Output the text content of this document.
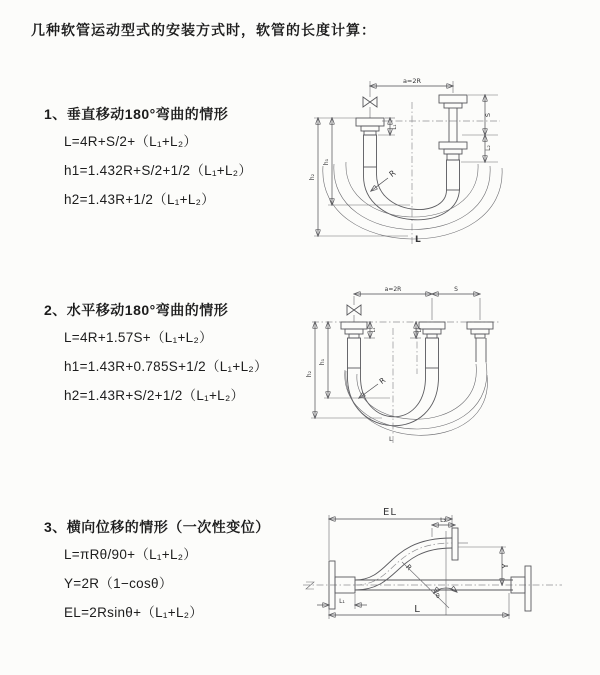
几种软管运动型式的安装方式时，软管的长度计算：
1、垂直移动180°弯曲的情形
L=4R+S/2+（L₁+L₂）
h1=1.432R+S/2+1/2（L₁+L₂）
h2=1.43R+1/2（L₁+L₂）
2、水平移动180°弯曲的情形
L=4R+1.57S+（L₁+L₂）
h1=1.43R+0.785S+1/2（L₁+L₂）
h2=1.43R+S/2+1/2（L₁+L₂）
3、横向位移的情形（一次性变位）
L=πRθ/90+（L₁+L₂）
Y=2R（1−cosθ）
EL=2Rsinθ+（L₁+L₂）
a=2R
S
L₂
L₁
h₁
h₂	R
L
a=2R	S
h₁
h₂
L₁	L₂
R
L
θ
R
EL
L₂
Y
L
L₁
